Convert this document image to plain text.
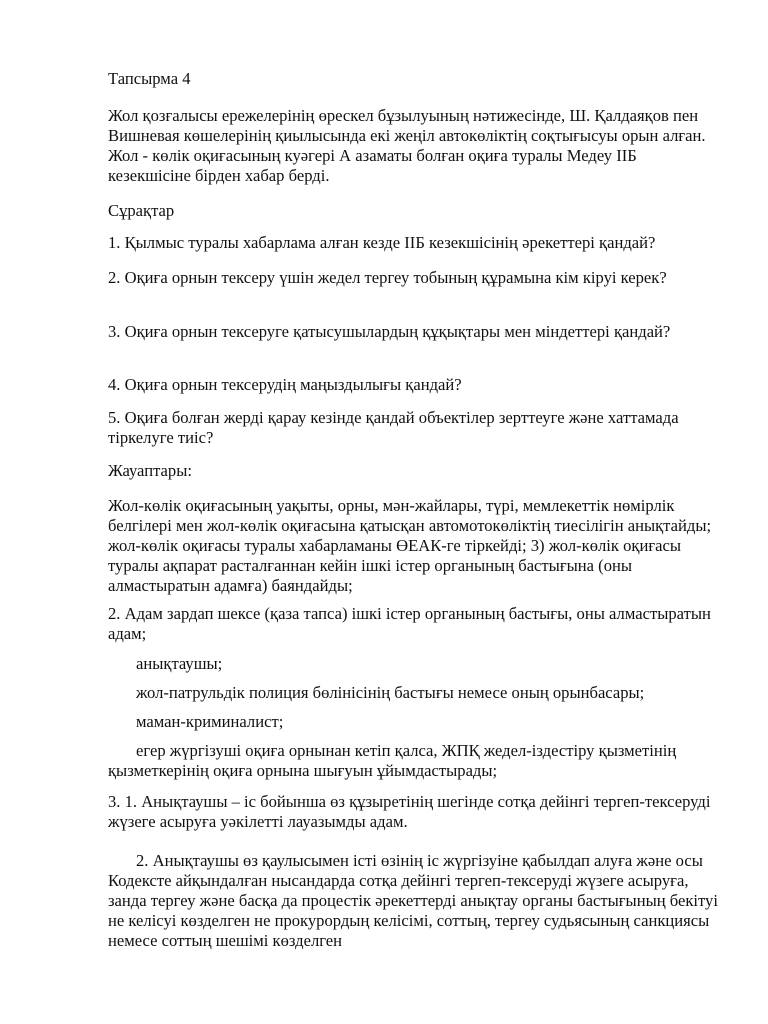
Тапсырма 4

Жол қозғалысы ережелерінің өрескел бұзылуының нәтижесінде, Ш. Қалдаяқов пен Вишневая көшелерінің қиылысында екі жеңіл автокөліктің соқтығысуы орын алған. Жол - көлік оқиғасының куәгері А азаматы болған оқиға туралы Медеу ІІБ кезекшісіне бірден хабар берді.

Сұрақтар

1. Қылмыс туралы хабарлама алған кезде ІІБ кезекшісінің әрекеттері қандай?

2. Оқиға орнын тексеру үшін жедел тергеу тобының құрамына кім кіруі керек?

3. Оқиға орнын тексеруге қатысушылардың құқықтары мен міндеттері қандай?

4. Оқиға орнын тексерудің маңыздылығы қандай?

5. Оқиға болған жерді қарау кезінде қандай объектілер зерттеуге және хаттамада тіркелуге тиіс?

Жауаптары:

Жол-көлік оқиғасының уақыты, орны, мән-жайлары, түрі, мемлекеттік нөмірлік белгілері мен жол-көлік оқиғасына қатысқан автомотокөліктің тиесілігін анықтайды; жол-көлік оқиғасы туралы хабарламаны ӨЕАК-ге тіркейді; 3) жол-көлік оқиғасы туралы ақпарат расталғаннан кейін ішкі істер органының бастығына (оны алмастыратын адамға) баяндайды;

2. Адам зардап шексе (қаза тапса) ішкі істер органының бастығы, оны алмастыратын адам;

анықтаушы;

жол-патрульдік полиция бөлінісінің бастығы немесе оның орынбасары;

маман-криминалист;

егер жүргізуші оқиға орнынан кетіп қалса, ЖПҚ жедел-іздестіру қызметінің қызметкерінің оқиға орнына шығуын ұйымдастырады;

3. 1. Анықтаушы – іс бойынша өз құзыретінің шегінде сотқа дейінгі тергеп-тексеруді жүзеге асыруға уәкілетті лауазымды адам.

2. Анықтаушы өз қаулысымен істі өзінің іс жүргізуіне қабылдап алуға және осы Кодексте айқындалған нысандарда сотқа дейінгі тергеп-тексеруді жүзеге асыруға, занда тергеу және басқа да процестік әрекеттерді анықтау органы бастығының бекітуі не келісуі көзделген не прокурордың келісімі, соттың, тергеу судьясының санкциясы немесе соттың шешімі көзделген
